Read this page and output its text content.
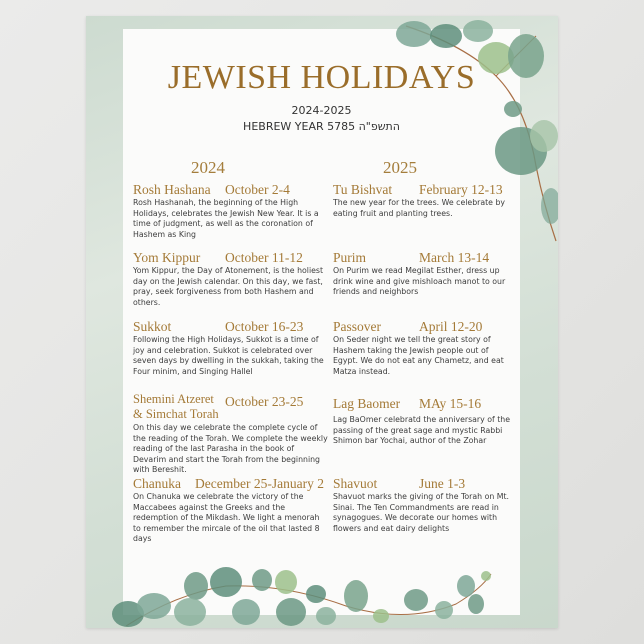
JEWISH HOLIDAYS
2024-2025
HEBREW YEAR 5785 התשפ"ה
2024
Rosh Hashana	October 2-4
Rosh Hashanah, the beginning of the High Holidays, celebrates the Jewish New Year. It is a time of judgment, as well as the coronation of Hashem as King
Yom Kippur	October 11-12
Yom Kippur, the Day of Atonement, is the holiest day on the Jewish calendar. On this day, we fast, pray, seek forgiveness from both Hashem and others.
Sukkot	October 16-23
Following the High Holidays, Sukkot is a time of joy and celebration. Sukkot is celebrated over seven days by dwelling in the sukkah, taking the Four minim, and Singing Hallel
Shemini Atzeret & Simchat Torah
October 23-25
On this day we celebrate the complete cycle of the reading of the Torah. We complete the weekly reading of the last Parasha in the book of Devarim and start the Torah from the beginning with Bereshit.
Chanuka	December 25-January 2
On Chanuka we celebrate the victory of the Maccabees against the Greeks and the redemption of the Mikdash. We light a menorah to remember the mircale of the oil that lasted 8 days
2025
Tu Bishvat	February 12-13
The new year for the trees. We celebrate by eating fruit and planting trees.
Purim	March 13-14
On Purim we read Megilat Esther, dress up drink wine and give mishloach manot to our friends and neighbors
Passover	April 12-20
On Seder night we tell the great story of Hashem taking the Jewish people out of Egypt. We do not eat any Chametz, and eat Matza instead.
Lag Baomer	MAy 15-16
Lag BaOmer celebratd the anniversary of the passing of the great sage and mystic Rabbi Shimon bar Yochai, author of the Zohar
Shavuot	June 1-3
Shavuot marks the giving of the Torah on Mt. Sinai. The Ten Commandments are read in synagogues. We decorate our homes with flowers and eat dairy delights
